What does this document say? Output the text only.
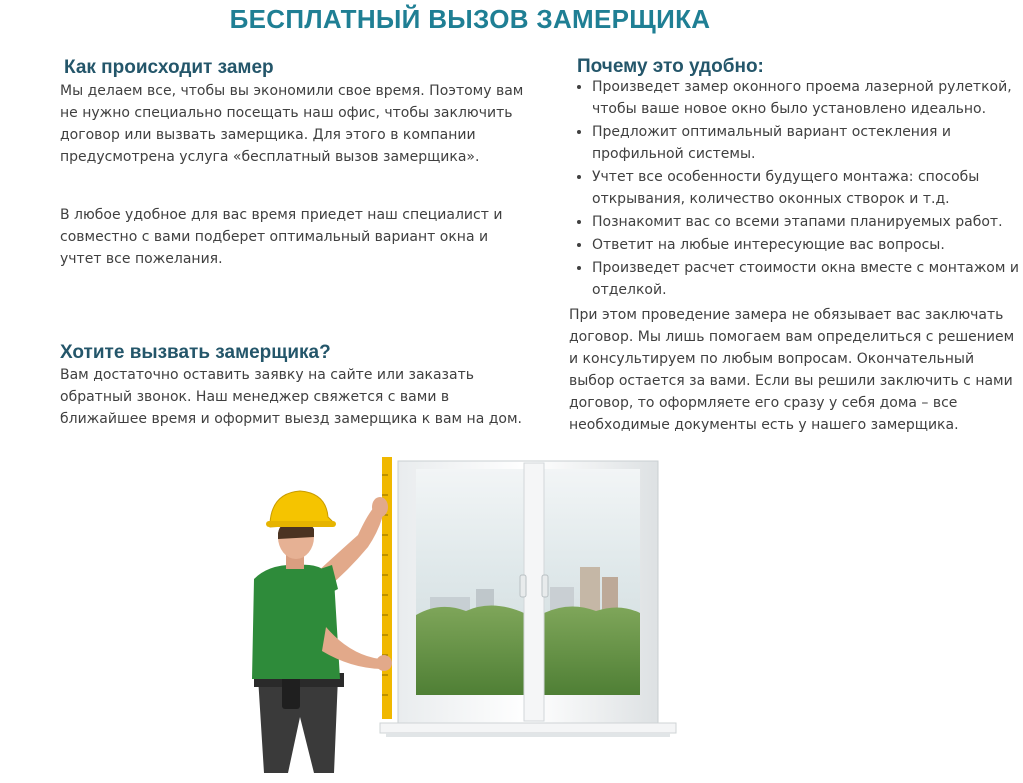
БЕСПЛАТНЫЙ ВЫЗОВ ЗАМЕРЩИКА
Как происходит замер

Мы делаем все, чтобы вы экономили свое время. Поэтому вам не нужно специально посещать наш офис, чтобы заключить договор или вызвать замерщика. Для этого в компании предусмотрена услуга «бесплатный вызов замерщика».

В любое удобное для вас время приедет наш специалист и совместно с вами подберет оптимальный вариант окна и учтет все пожелания.

Хотите вызвать замерщика?

Вам достаточно оставить заявку на сайте или заказать обратный звонок. Наш менеджер свяжется с вами в ближайшее время и оформит выезд замерщика к вам на дом.

Почему это удобно:
• Произведет замер оконного проема лазерной рулеткой, чтобы ваше новое окно было установлено идеально.
• Предложит оптимальный вариант остекления и профильной системы.
• Учтет все особенности будущего монтажа: способы открывания, количество оконных створок и т.д.
• Познакомит вас со всеми этапами планируемых работ.
• Ответит на любые интересующие вас вопросы.
• Произведет расчет стоимости окна вместе с монтажом и отделкой.

При этом проведение замера не обязывает вас заключать договор. Мы лишь помогаем вам определиться с решением и консультируем по любым вопросам. Окончательный выбор остается за вами. Если вы решили заключить с нами договор, то оформляете его сразу у себя дома – все необходимые документы есть у нашего замерщика.
